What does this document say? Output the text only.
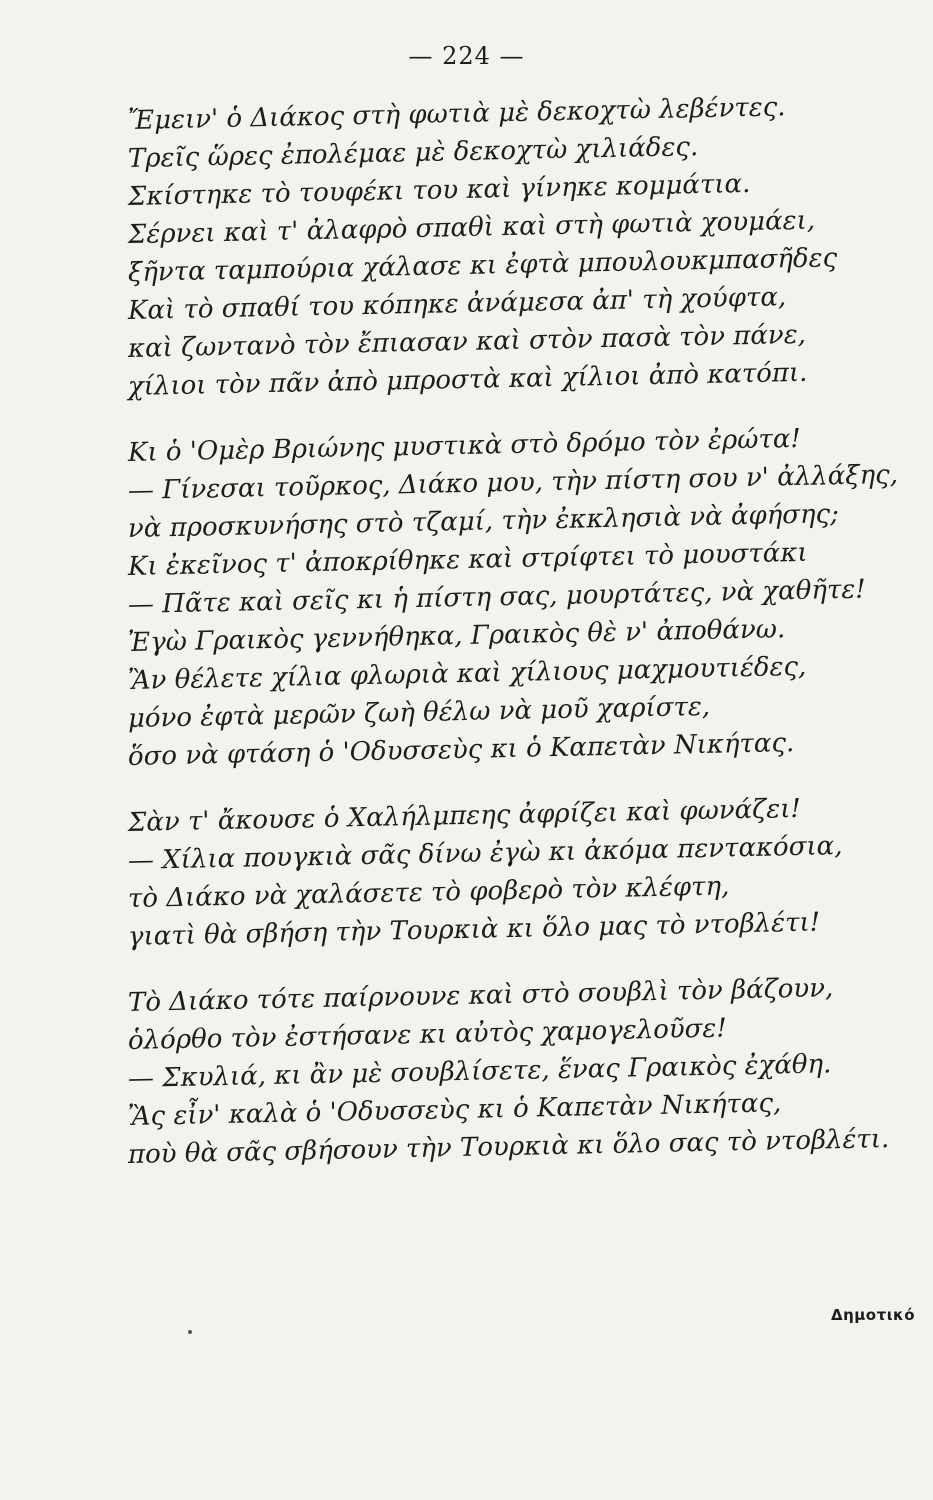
— 224 —
Ἔμειν' ὁ Διάκος στὴ φωτιὰ μὲ δεκοχτὼ λεβέντες.
Τρεῖς ὥρες ἐπολέμαε μὲ δεκοχτὼ χιλιάδες.
Σκίστηκε τὸ τουφέκι του καὶ γίνηκε κομμάτια.
Σέρνει καὶ τ' ἀλαφρὸ σπαθὶ καὶ στὴ φωτιὰ χουμάει,
ξῆντα ταμπούρια χάλασε κι ἐφτὰ μπουλουκμπασῆδες
Καὶ τὸ σπαθί του κόπηκε ἀνάμεσα ἀπ' τὴ χούφτα,
καὶ ζωντανὸ τὸν ἔπιασαν καὶ στὸν πασὰ τὸν πάνε,
χίλιοι τὸν πᾶν ἀπὸ μπροστὰ καὶ χίλιοι ἀπὸ κατόπι.
Κι ὁ 'Ομὲρ Βριώνης μυστικὰ στὸ δρόμο τὸν ἐρώτα!
— Γίνεσαι τοῦρκος, Διάκο μου, τὴν πίστη σου ν' ἀλλάξης,
νὰ προσκυνήσης στὸ τζαμί, τὴν ἐκκλησιὰ νὰ ἀφήσης;
Κι ἐκεῖνος τ' ἀποκρίθηκε καὶ στρίφτει τὸ μουστάκι
— Πᾶτε καὶ σεῖς κι ἡ πίστη σας, μουρτάτες, νὰ χαθῆτε!
Ἐγὼ Γραικὸς γεννήθηκα, Γραικὸς θὲ ν' ἀποθάνω.
Ἂν θέλετε χίλια φλωριὰ καὶ χίλιους μαχμουτιέδες,
μόνο ἐφτὰ μερῶν ζωὴ θέλω νὰ μοῦ χαρίστε,
ὅσο νὰ φτάση ὁ 'Οδυσσεὺς κι ὁ Καπετὰν Νικήτας.
Σὰν τ' ἄκουσε ὁ Χαλήλμπεης ἀφρίζει καὶ φωνάζει!
— Χίλια πουγκιὰ σᾶς δίνω ἐγὼ κι ἀκόμα πεντακόσια,
τὸ Διάκο νὰ χαλάσετε τὸ φοβερὸ τὸν κλέφτη,
γιατὶ θὰ σβήση τὴν Τουρκιὰ κι ὅλο μας τὸ ντοβλέτι!
Τὸ Διάκο τότε παίρνουνε καὶ στὸ σουβλὶ τὸν βάζουν,
ὁλόρθο τὸν ἐστήσανε κι αὐτὸς χαμογελοῦσε!
— Σκυλιά, κι ἂν μὲ σουβλίσετε, ἕνας Γραικὸς ἐχάθη.
Ἂς εἶν' καλὰ ὁ 'Οδυσσεὺς κι ὁ Καπετὰν Νικήτας,
ποὺ θὰ σᾶς σβήσουν τὴν Τουρκιὰ κι ὅλο σας τὸ ντοβλέτι.
Δημοτικό
